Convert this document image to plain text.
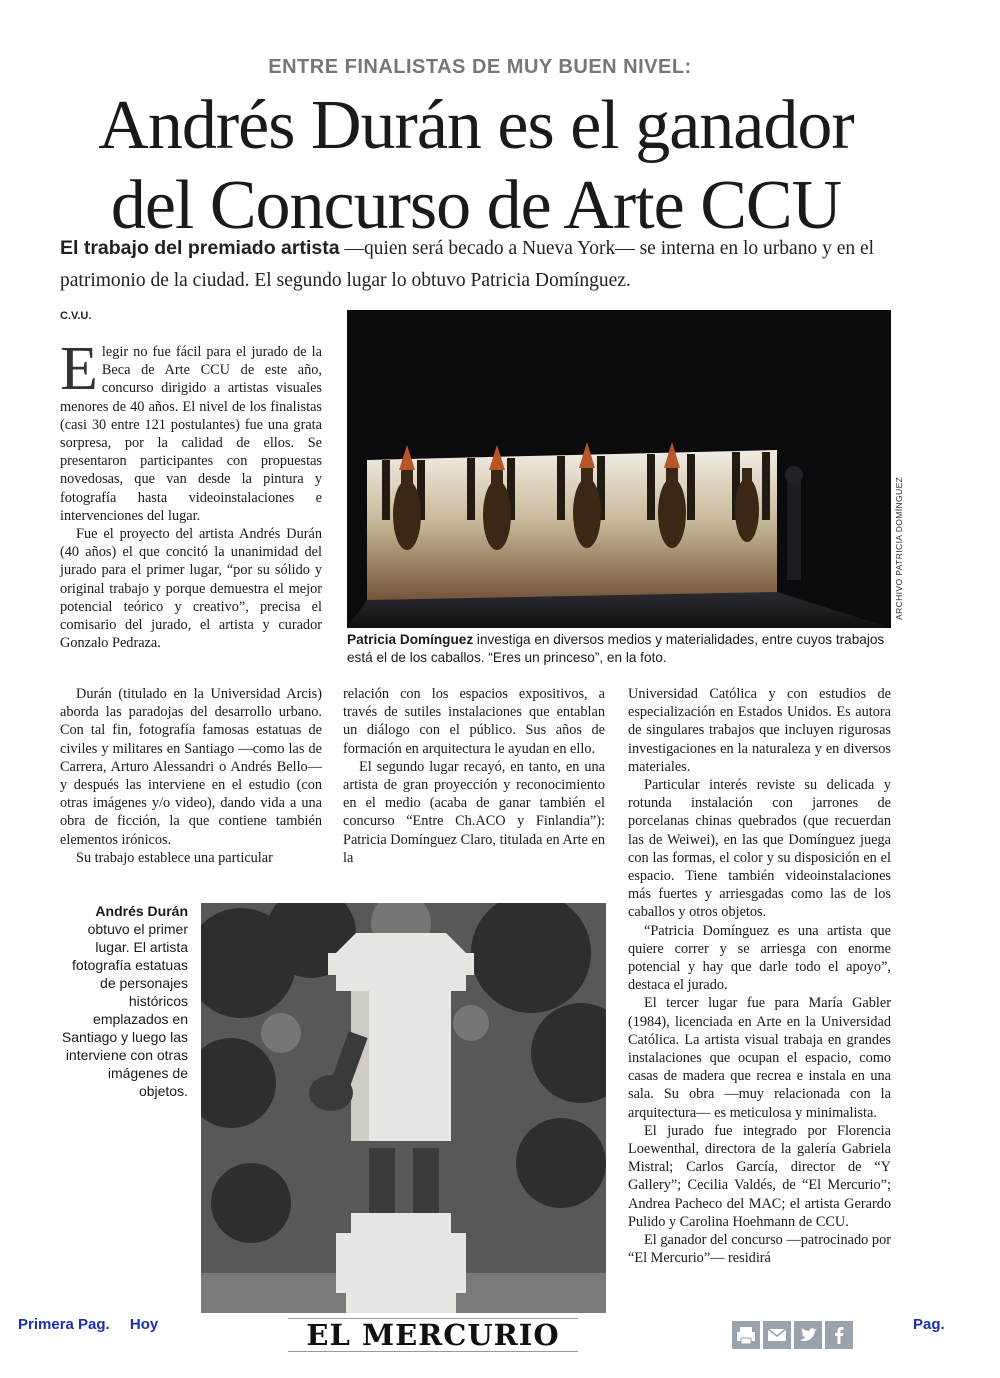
ENTRE FINALISTAS DE MUY BUEN NIVEL:
Andrés Durán es el ganador
del Concurso de Arte CCU
El trabajo del premiado artista —quien será becado a Nueva York— se interna en lo urbano y en el patrimonio de la ciudad. El segundo lugar lo obtuvo Patricia Domínguez.
C.V.U.

Elegir no fue fácil para el jurado de la Beca de Arte CCU de este año, concurso dirigido a artistas visuales menores de 40 años. El nivel de los finalistas (casi 30 entre 121 postulantes) fue una grata sorpresa, por la calidad de ellos. Se presentaron participantes con propuestas novedosas, que van desde la pintura y fotografía hasta videoinstalaciones e intervenciones del lugar.

Fue el proyecto del artista Andrés Durán (40 años) el que concitó la unanimidad del jurado para el primer lugar, “por su sólido y original trabajo y porque demuestra el mejor potencial teórico y creativo”, precisa el comisario del jurado, el artista y curador Gonzalo Pedraza.

Durán (titulado en la Universidad Arcis) aborda las paradojas del desarrollo urbano. Con tal fin, fotografía famosas estatuas de civiles y militares en Santiago —como las de Carrera, Arturo Alessandri o Andrés Bello— y después las interviene en el estudio (con otras imágenes y/o video), dando vida a una obra de ficción, la que contiene también elementos irónicos.

Su trabajo establece una particular

relación con los espacios expositivos, a través de sutiles instalaciones que entablan un diálogo con el público. Sus años de formación en arquitectura le ayudan en ello.

El segundo lugar recayó, en tanto, en una artista de gran proyección y reconocimiento en el medio (acaba de ganar también el concurso “Entre Ch.ACO y Finlandia”): Patricia Domínguez Claro, titulada en Arte en la

Universidad Católica y con estudios de especialización en Estados Unidos. Es autora de singulares trabajos que incluyen rigurosas investigaciones en la naturaleza y en diversos materiales.

Particular interés reviste su delicada y rotunda instalación con jarrones de porcelanas chinas quebrados (que recuerdan las de Weiwei), en las que Domínguez juega con las formas, el color y su disposición en el espacio. Tiene también videoinstalaciones más fuertes y arriesgadas como las de los caballos y otros objetos.

“Patricia Domínguez es una artista que quiere correr y se arriesga con enorme potencial y hay que darle todo el apoyo”, destaca el jurado.

El tercer lugar fue para María Gabler (1984), licenciada en Arte en la Universidad Católica. La artista visual trabaja en grandes instalaciones que ocupan el espacio, como casas de madera que recrea e instala en una sala. Su obra —muy relacionada con la arquitectura— es meticulosa y minimalista.

El jurado fue integrado por Florencia Loewenthal, directora de la galería Gabriela Mistral; Carlos García, director de “Y Gallery”; Cecilia Valdés, de “El Mercurio”; Andrea Pacheco del MAC; el artista Gerardo Pulido y Carolina Hoehmann de CCU.

El ganador del concurso —patrocinado por “El Mercurio”— residirá

ARCHIVO PATRICIA DOMÍNGUEZ
Patricia Domínguez investiga en diversos medios y materialidades, entre cuyos trabajos está el de los caballos. “Eres un princeso”, en la foto.
Andrés Durán obtuvo el primer lugar. El artista fotografía estatuas de personajes históricos emplazados en Santiago y luego las interviene con otras imágenes de objetos.
Primera Pag. Hoy	EL MERCURIO	Pag.
